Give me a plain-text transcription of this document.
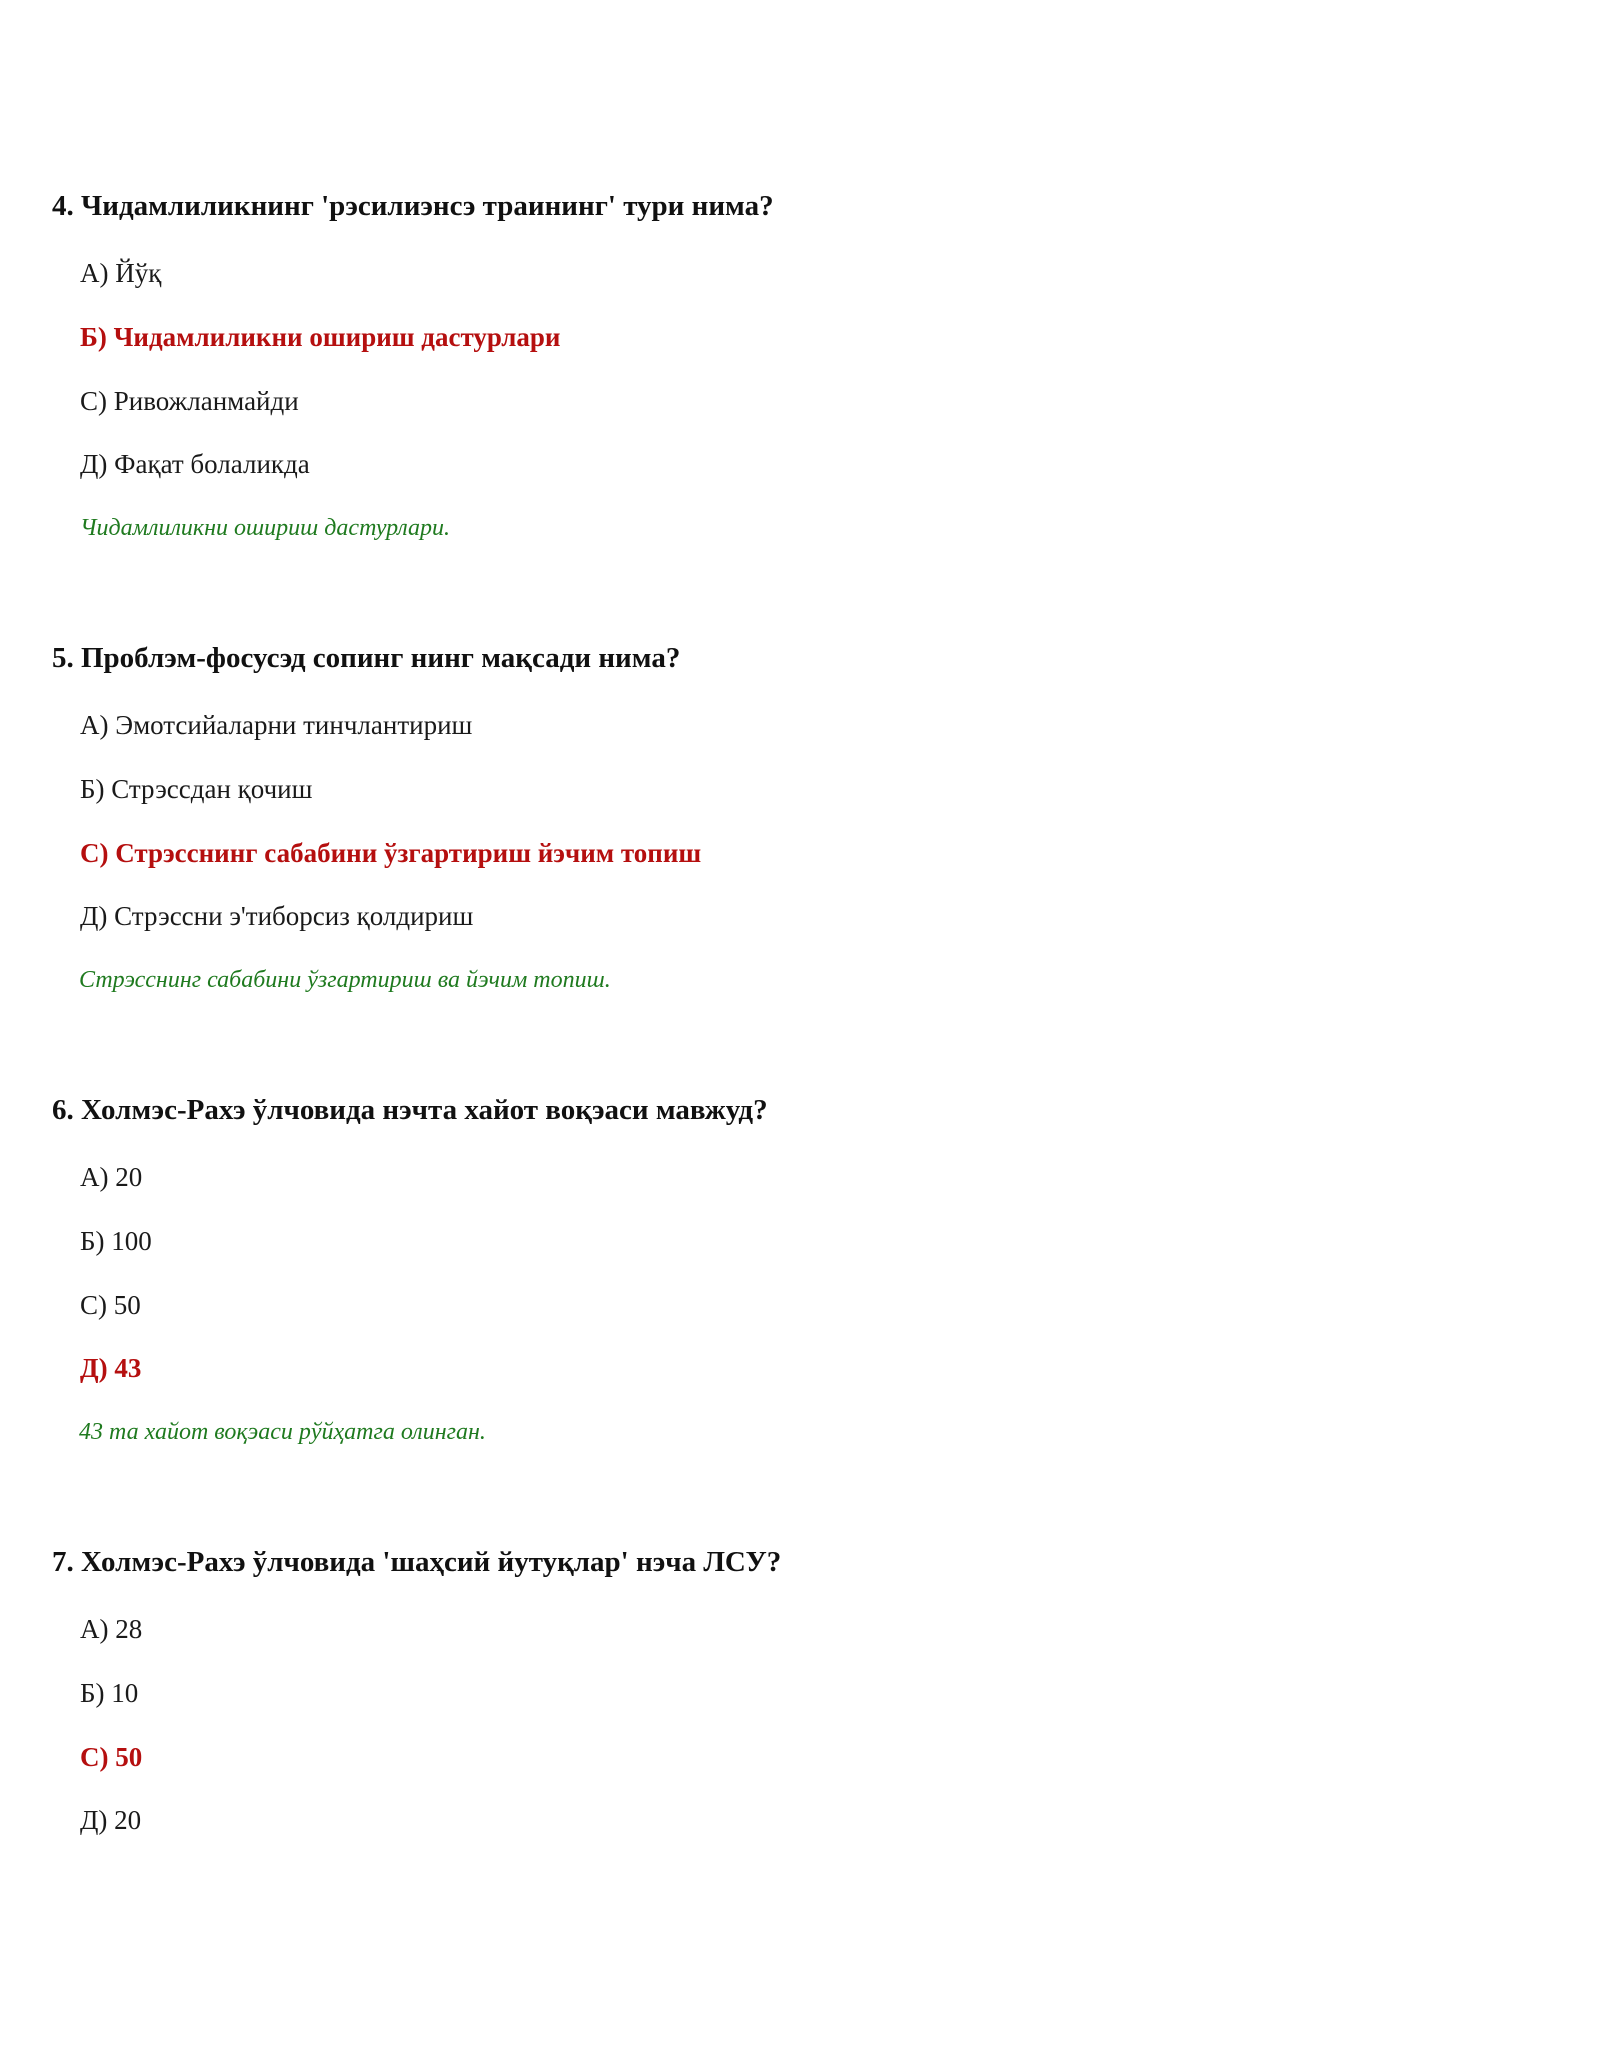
4. Чидамлиликнинг 'рэсилиэнсэ траининг' тури нима?

А) Йўқ
Б) Чидамлиликни ошириш дастурлари
С) Ривожланмайди
Д) Фақат болаликда
Чидамлиликни ошириш дастурлари.

5. Проблэм-фосусэд сопинг нинг мақсади нима?

А) Эмотсийаларни тинчлантириш
Б) Стрэссдан қочиш
С) Стрэсснинг сабабини ўзгартириш йэчим топиш
Д) Стрэссни э'тиборсиз қолдириш
Стрэсснинг сабабини ўзгартириш ва йэчим топиш.

6. Холмэс-Рахэ ўлчовида нэчта хайот воқэаси мавжуд?

А) 20
Б) 100
С) 50
Д) 43
43 та хайот воқэаси рўйҳатга олинган.

7. Холмэс-Рахэ ўлчовида 'шаҳсий йутуқлар' нэча ЛСУ?

А) 28
Б) 10
С) 50
Д) 20
